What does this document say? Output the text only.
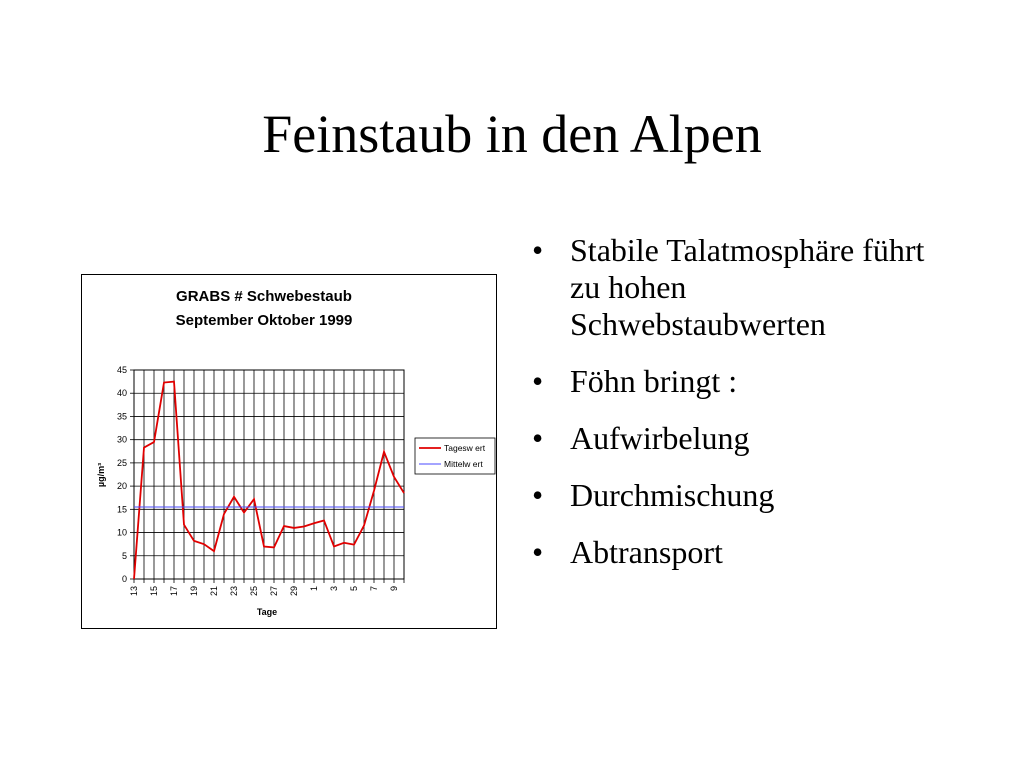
Feinstaub in den Alpen
• Stabile Talatmosphäre führt zu hohen Schwebstaubwerten
• Föhn bringt :
• Aufwirbelung
• Durchmischung
• Abtransport
GRABS # Schwebestaub
September Oktober 1999
Tage
µg/m³
0
5
10
15
20
25
30
35
40
45
13 15 17 19 21 23 25 27 29 1 3 5 7 9
Tagesw ert
Mittelw ert
